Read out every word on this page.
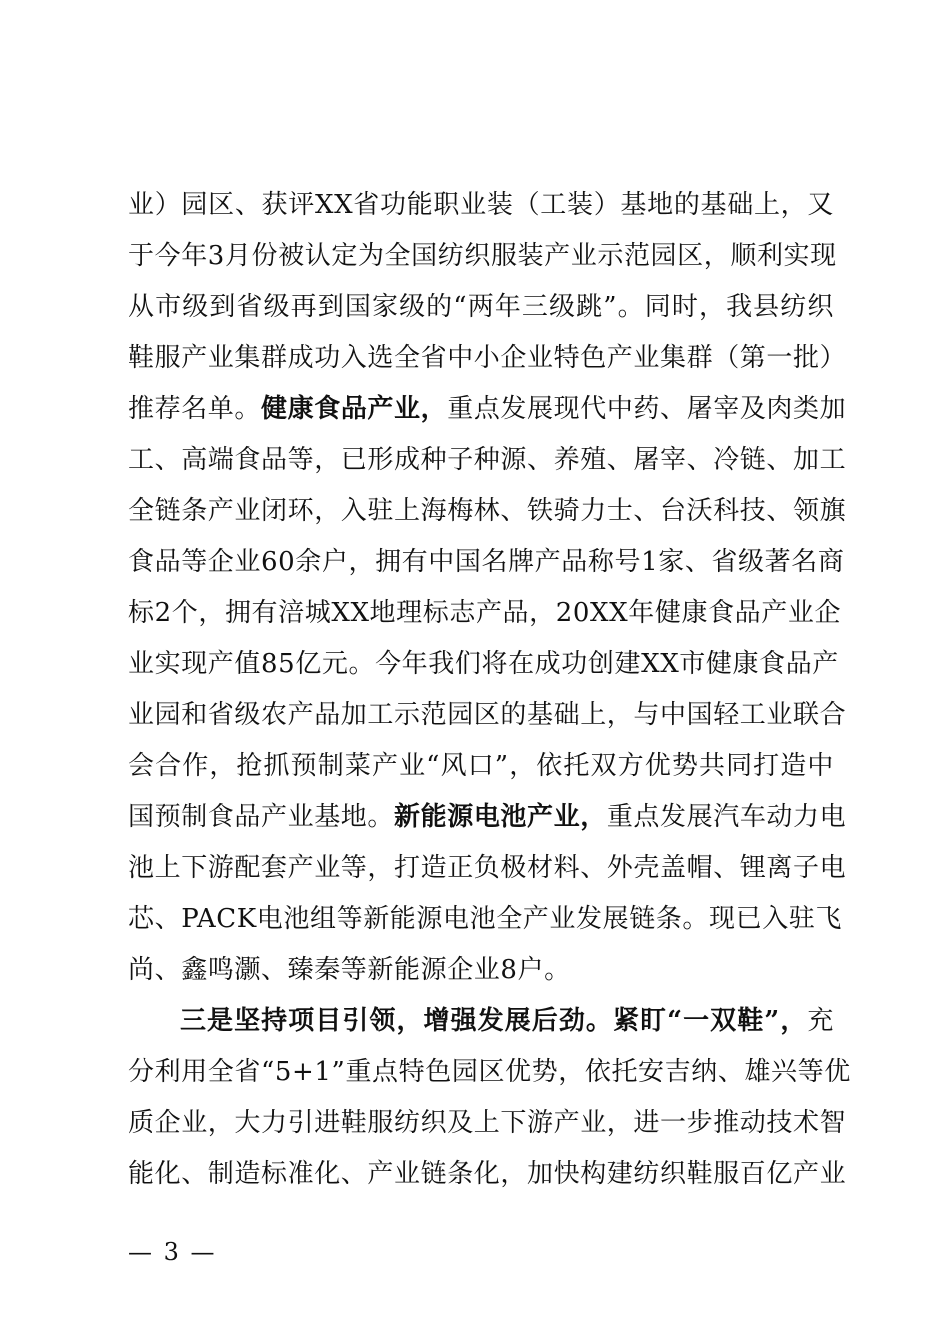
业）园区、获评XX省功能职业装（工装）基地的基础上，又
于今年3月份被认定为全国纺织服装产业示范园区，顺利实现
从市级到省级再到国家级的“两年三级跳”。同时，我县纺织
鞋服产业集群成功入选全省中小企业特色产业集群（第一批）
推荐名单。健康食品产业，重点发展现代中药、屠宰及肉类加
工、高端食品等，已形成种子种源、养殖、屠宰、冷链、加工
全链条产业闭环，入驻上海梅林、铁骑力士、台沃科技、领旗
食品等企业60余户，拥有中国名牌产品称号1家、省级著名商
标2个，拥有涪城XX地理标志产品，20XX年健康食品产业企
业实现产值85亿元。今年我们将在成功创建XX市健康食品产
业园和省级农产品加工示范园区的基础上，与中国轻工业联合
会合作，抢抓预制菜产业“风口”，依托双方优势共同打造中
国预制食品产业基地。新能源电池产业，重点发展汽车动力电
池上下游配套产业等，打造正负极材料、外壳盖帽、锂离子电
芯、PACK电池组等新能源电池全产业发展链条。现已入驻飞
尚、鑫鸣灏、臻秦等新能源企业8户。
三是坚持项目引领，增强发展后劲。紧盯“一双鞋”，充
分利用全省“5+1”重点特色园区优势，依托安吉纳、雄兴等优
质企业，大力引进鞋服纺织及上下游产业，进一步推动技术智
能化、制造标准化、产业链条化，加快构建纺织鞋服百亿产业
— 3 —
